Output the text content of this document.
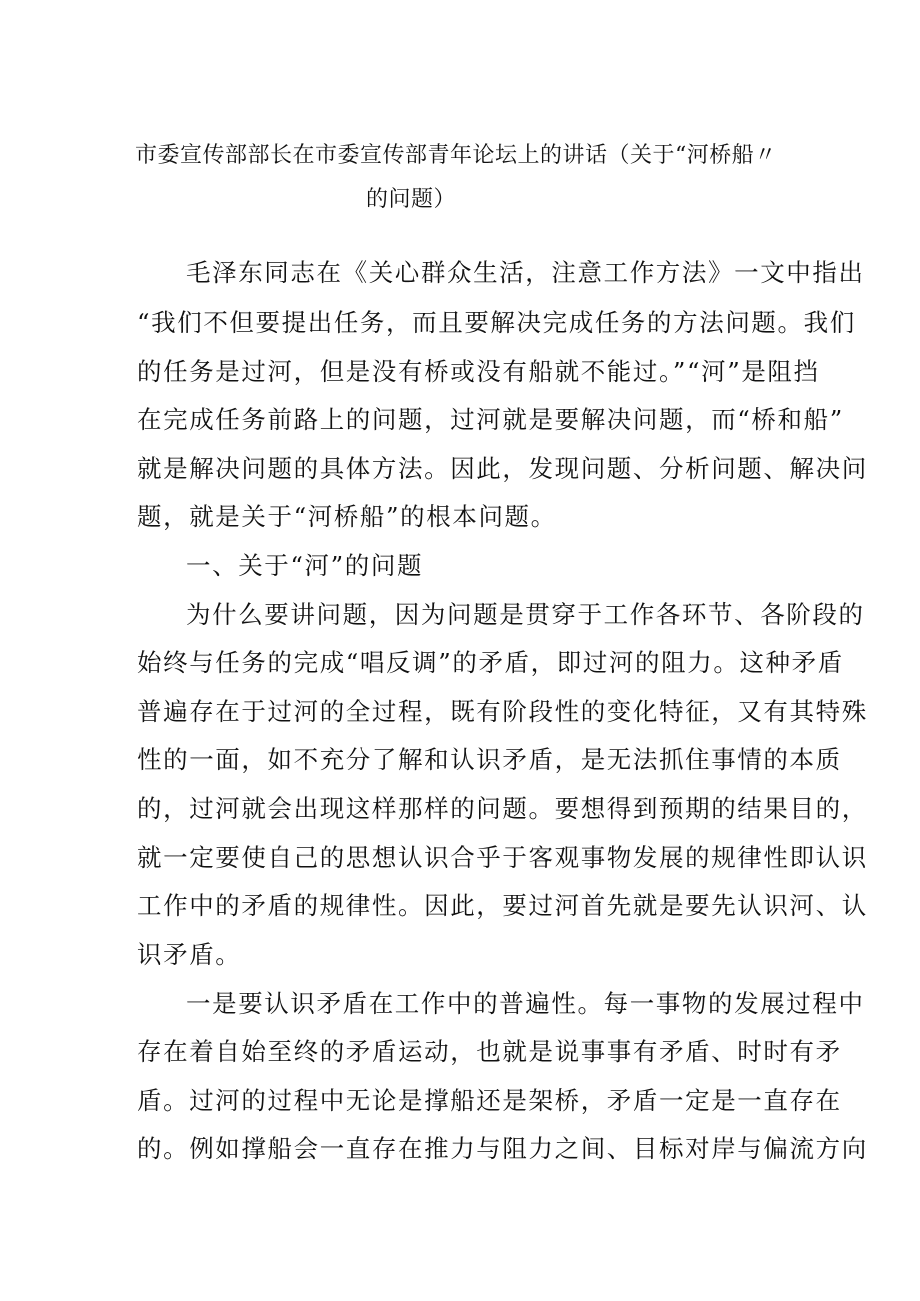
市委宣传部部长在市委宣传部青年论坛上的讲话（关于“河桥船〃
的问题）
毛泽东同志在《关心群众生活，注意工作方法》一文中指出
“我们不但要提出任务，而且要解决完成任务的方法问题。我们
的任务是过河，但是没有桥或没有船就不能过。”“河”是阻挡
在完成任务前路上的问题，过河就是要解决问题，而“桥和船”
就是解决问题的具体方法。因此，发现问题、分析问题、解决问
题，就是关于“河桥船”的根本问题。
一、关于“河”的问题
为什么要讲问题，因为问题是贯穿于工作各环节、各阶段的
始终与任务的完成“唱反调”的矛盾，即过河的阻力。这种矛盾
普遍存在于过河的全过程，既有阶段性的变化特征，又有其特殊
性的一面，如不充分了解和认识矛盾，是无法抓住事情的本质
的，过河就会出现这样那样的问题。要想得到预期的结果目的，
就一定要使自己的思想认识合乎于客观事物发展的规律性即认识
工作中的矛盾的规律性。因此，要过河首先就是要先认识河、认
识矛盾。
一是要认识矛盾在工作中的普遍性。每一事物的发展过程中
存在着自始至终的矛盾运动，也就是说事事有矛盾、时时有矛
盾。过河的过程中无论是撑船还是架桥，矛盾一定是一直存在
的。例如撑船会一直存在推力与阻力之间、目标对岸与偏流方向
